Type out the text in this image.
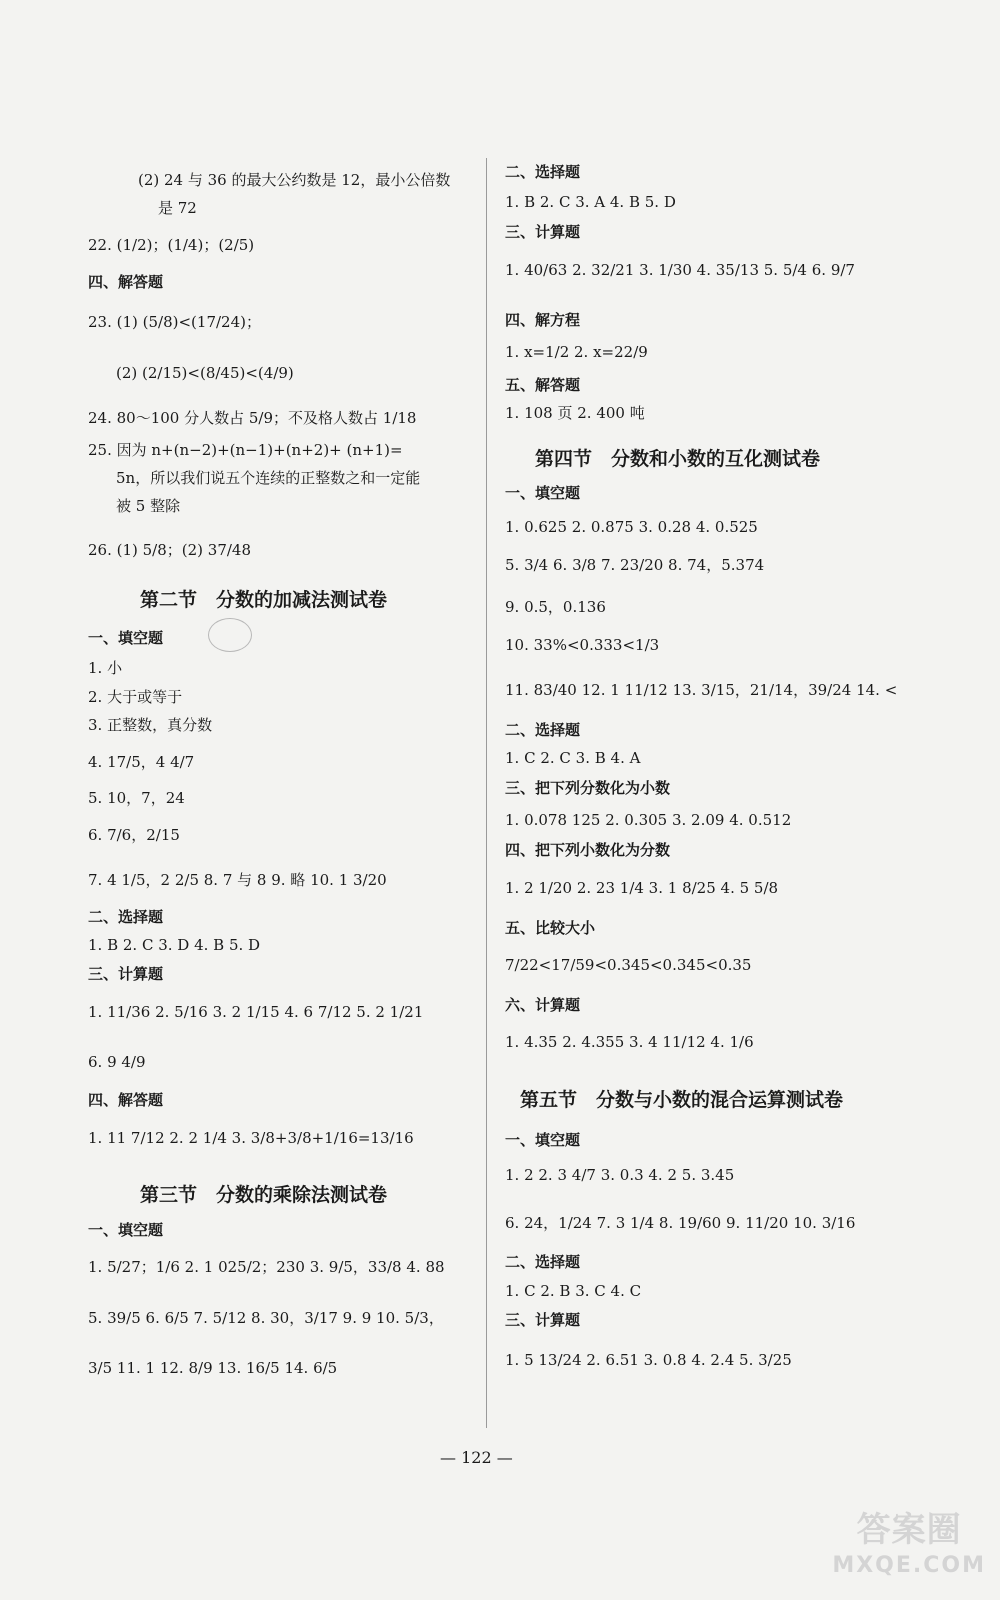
(2) 24 与 36 的最大公约数是 12，最小公倍数
是 72
22. (1/2)；(1/4)；(2/5)
四、解答题
23. (1) (5/8)<(17/24)；
(2) (2/15)<(8/45)<(4/9)
24. 80～100 分人数占 5/9；不及格人数占 1/18
25. 因为 n+(n−2)+(n−1)+(n+2)+ (n+1)=
5n，所以我们说五个连续的正整数之和一定能
被 5 整除
26. (1) 5/8；(2) 37/48
一、填空题
1. 小
2. 大于或等于
3. 正整数，真分数
4. 17/5，4 4/7
5. 10，7，24
6. 7/6，2/15
7. 4 1/5，2 2/5 8. 7 与 8 9. 略 10. 1 3/20
二、选择题
1. B 2. C 3. D 4. B 5. D
三、计算题
1. 11/36 2. 5/16 3. 2 1/15 4. 6 7/12 5. 2 1/21
6. 9 4/9
四、解答题
1. 11 7/12 2. 2 1/4 3. 3/8+3/8+1/16=13/16
一、填空题
1. 5/27；1/6 2. 1 025/2；230 3. 9/5，33/8 4. 88
5. 39/5 6. 6/5 7. 5/12 8. 30，3/17 9. 9 10. 5/3，
3/5 11. 1 12. 8/9 13. 16/5 14. 6/5
第二节　分数的加减法测试卷
第三节　分数的乘除法测试卷
二、选择题
1. B 2. C 3. A 4. B 5. D
三、计算题
1. 40/63 2. 32/21 3. 1/30 4. 35/13 5. 5/4 6. 9/7
四、解方程
1. x=1/2 2. x=22/9
五、解答题
1. 108 页 2. 400 吨
一、填空题
1. 0.625 2. 0.875 3. 0.28 4. 0.525
5. 3/4 6. 3/8 7. 23/20 8. 74，5.374
9. 0.5，0.136
10. 33%<0.333<1/3
11. 83/40 12. 1 11/12 13. 3/15，21/14，39/24 14. <
二、选择题
1. C 2. C 3. B 4. A
三、把下列分数化为小数
1. 0.078 125 2. 0.305 3. 2.09 4. 0.512
四、把下列小数化为分数
1. 2 1/20 2. 23 1/4 3. 1 8/25 4. 5 5/8
五、比较大小
7/22<17/59<0.345<0.345<0.35
六、计算题
1. 4.35 2. 4.355 3. 4 11/12 4. 1/6
一、填空题
1. 2 2. 3 4/7 3. 0.3 4. 2 5. 3.45
6. 24，1/24 7. 3 1/4 8. 19/60 9. 11/20 10. 3/16
二、选择题
1. C 2. B 3. C 4. C
三、计算题
1. 5 13/24 2. 6.51 3. 0.8 4. 2.4 5. 3/25
第四节　分数和小数的互化测试卷
第五节　分数与小数的混合运算测试卷
— 122 —
答案圈
MXQE.COM
